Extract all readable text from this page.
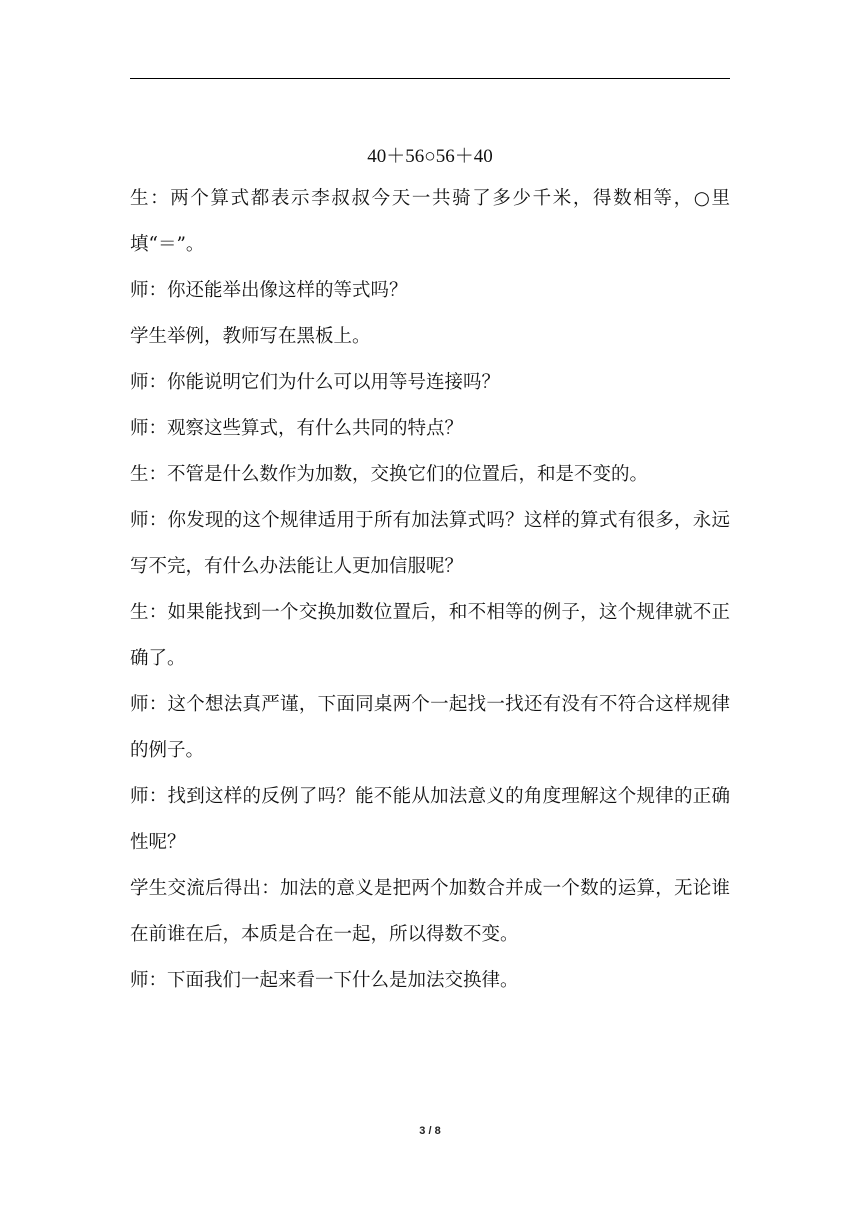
40＋56○56＋40

生：两个算式都表示李叔叔今天一共骑了多少千米，得数相等，○里填“＝”。

师：你还能举出像这样的等式吗？

学生举例，教师写在黑板上。

师：你能说明它们为什么可以用等号连接吗？

师：观察这些算式，有什么共同的特点？

生：不管是什么数作为加数，交换它们的位置后，和是不变的。

师：你发现的这个规律适用于所有加法算式吗？这样的算式有很多，永远写不完，有什么办法能让人更加信服呢？

生：如果能找到一个交换加数位置后，和不相等的例子，这个规律就不正确了。

师：这个想法真严谨，下面同桌两个一起找一找还有没有不符合这样规律的例子。

师：找到这样的反例了吗？能不能从加法意义的角度理解这个规律的正确性呢？

学生交流后得出：加法的意义是把两个加数合并成一个数的运算，无论谁在前谁在后，本质是合在一起，所以得数不变。

师：下面我们一起来看一下什么是加法交换律。

3 / 8
